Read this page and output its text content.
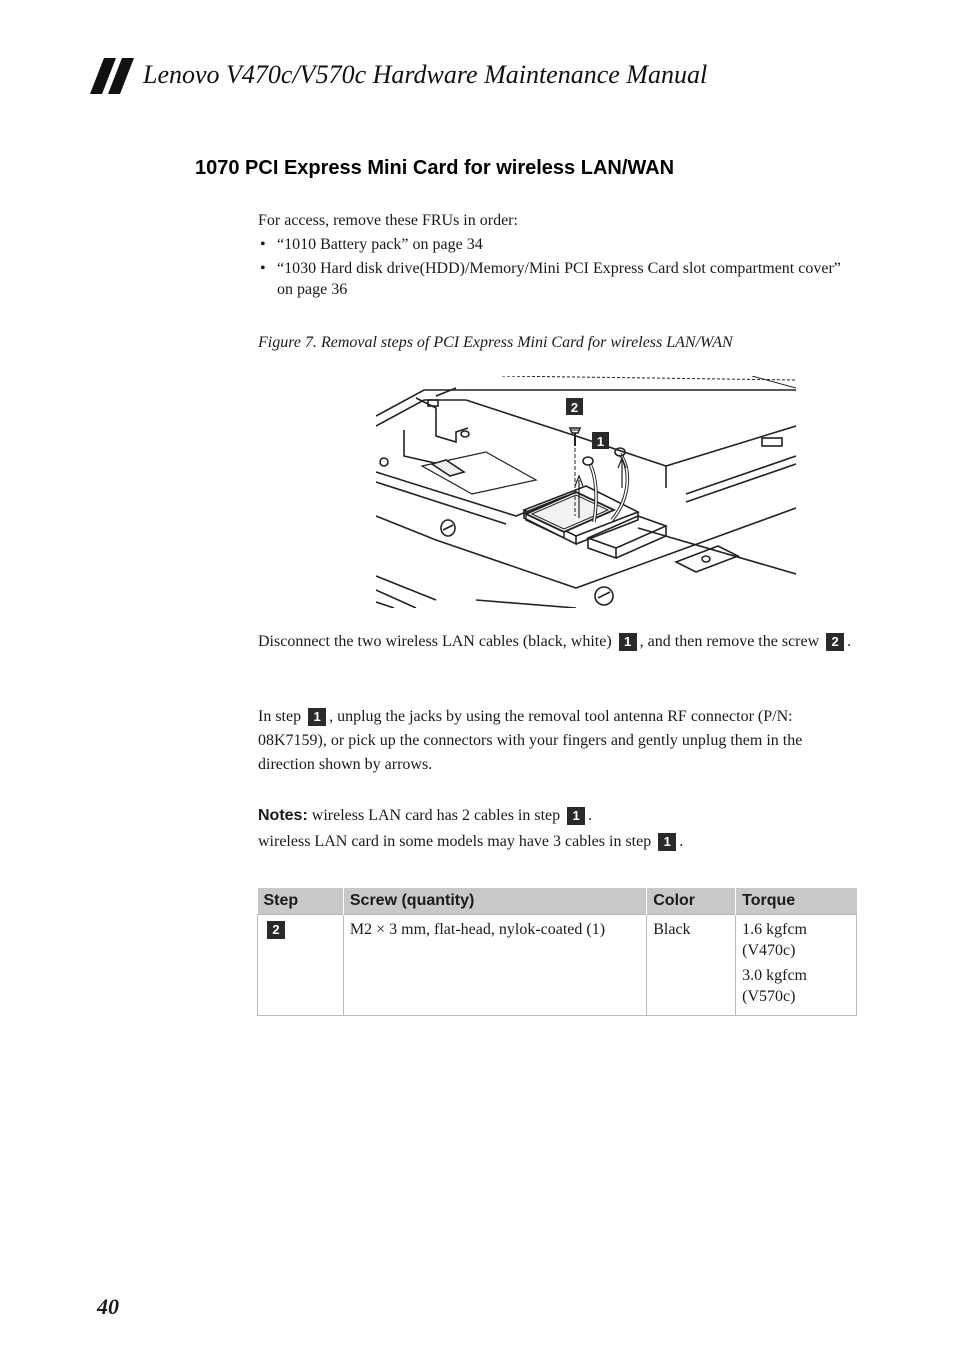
Lenovo V470c/V570c Hardware Maintenance Manual
1070 PCI Express Mini Card for wireless LAN/WAN
For access, remove these FRUs in order:
• “1010 Battery pack” on page 34
• “1030 Hard disk drive(HDD)/Memory/Mini PCI Express Card slot compartment cover” on page 36
Figure 7. Removal steps of PCI Express Mini Card for wireless LAN/WAN
2
1
Disconnect the two wireless LAN cables (black, white) 1 , and then remove the screw 2 .
In step 1 , unplug the jacks by using the removal tool antenna RF connector (P/N: 08K7159), or pick up the connectors with your fingers and gently unplug them in the direction shown by arrows.
Notes: wireless LAN card has 2 cables in step 1 .
wireless LAN card in some models may have 3 cables in step 1 .
Step	Screw (quantity)	Color	Torque
2	M2 × 3 mm, flat-head, nylok-coated (1)	Black	1.6 kgfcm (V470c)
3.0 kgfcm (V570c)
40
